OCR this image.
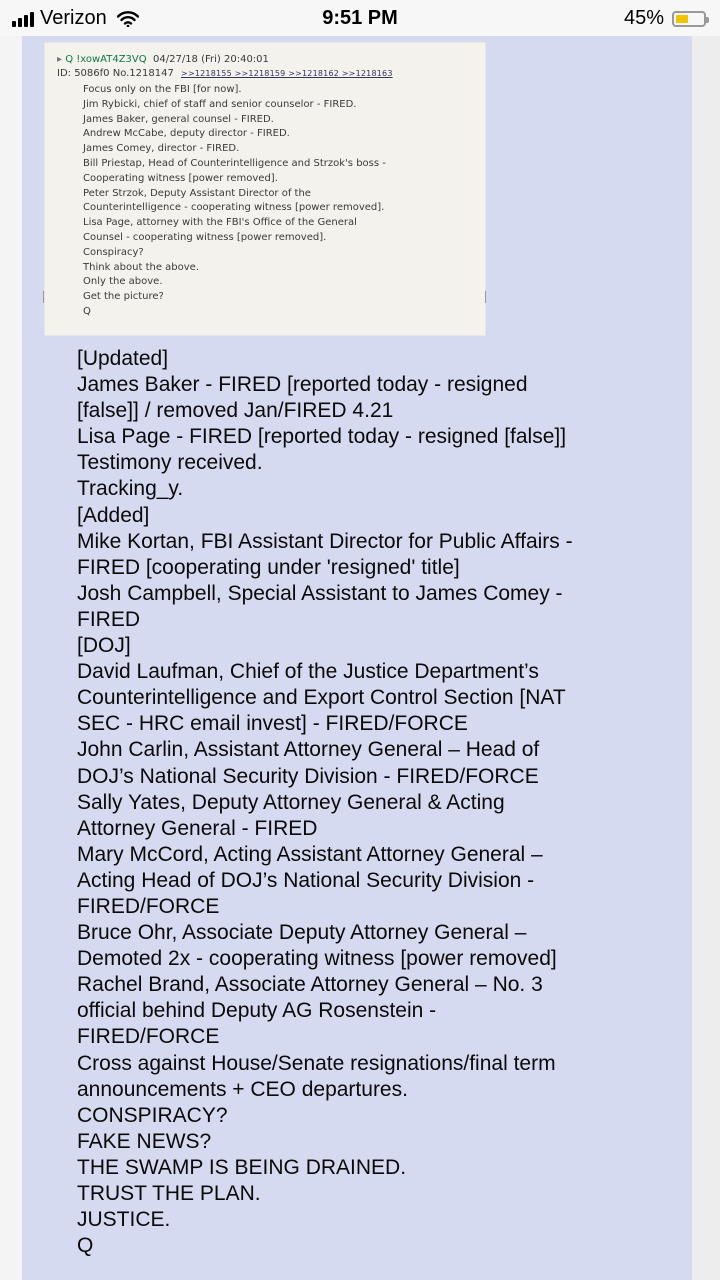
Verizon	9:51 PM	45%
▸ Q !xowAT4Z3VQ 04/27/18 (Fri) 20:40:01
ID: 5086f0 No.1218147 >>1218155 >>1218159 >>1218162 >>1218163
Focus only on the FBI [for now].
Jim Rybicki, chief of staff and senior counselor - FIRED.
James Baker, general counsel - FIRED.
Andrew McCabe, deputy director - FIRED.
James Comey, director - FIRED.
Bill Priestap, Head of Counterintelligence and Strzok's boss -
Cooperating witness [power removed].
Peter Strzok, Deputy Assistant Director of the
Counterintelligence - cooperating witness [power removed].
Lisa Page, attorney with the FBI's Office of the General
Counsel - cooperating witness [power removed].
Conspiracy?
Think about the above.
Only the above.
Get the picture?
Q
[Updated]
James Baker - FIRED [reported today - resigned
[false]] / removed Jan/FIRED 4.21
Lisa Page - FIRED [reported today - resigned [false]]
Testimony received.
Tracking_y.
[Added]
Mike Kortan, FBI Assistant Director for Public Affairs -
FIRED [cooperating under 'resigned' title]
Josh Campbell, Special Assistant to James Comey -
FIRED
[DOJ]
David Laufman, Chief of the Justice Department’s
Counterintelligence and Export Control Section [NAT
SEC - HRC email invest] - FIRED/FORCE
John Carlin, Assistant Attorney General – Head of
DOJ’s National Security Division - FIRED/FORCE
Sally Yates, Deputy Attorney General & Acting
Attorney General - FIRED
Mary McCord, Acting Assistant Attorney General –
Acting Head of DOJ’s National Security Division -
FIRED/FORCE
Bruce Ohr, Associate Deputy Attorney General –
Demoted 2x - cooperating witness [power removed]
Rachel Brand, Associate Attorney General – No. 3
official behind Deputy AG Rosenstein -
FIRED/FORCE
Cross against House/Senate resignations/final term
announcements + CEO departures.
CONSPIRACY?
FAKE NEWS?
THE SWAMP IS BEING DRAINED.
TRUST THE PLAN.
JUSTICE.
Q
